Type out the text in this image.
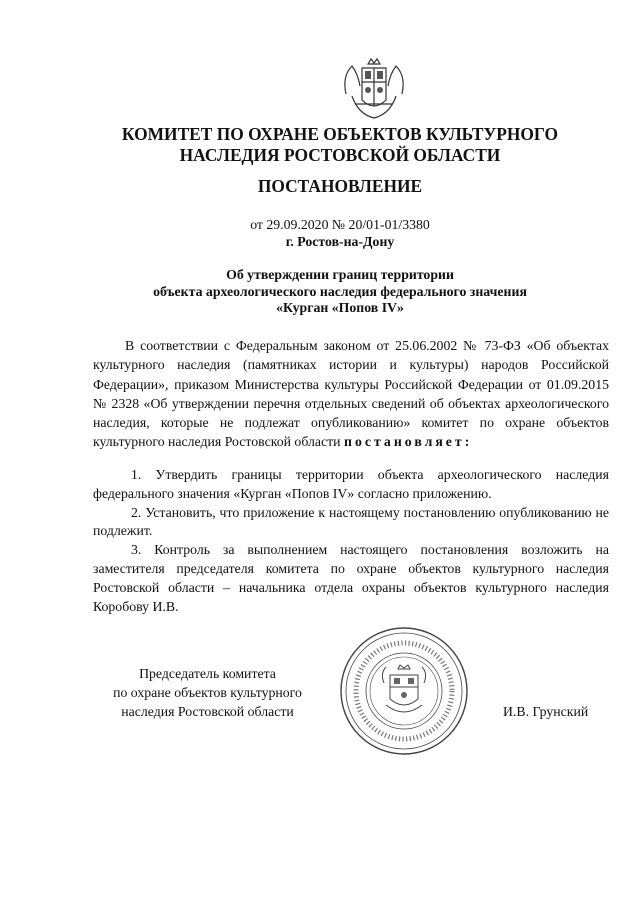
КОМИТЕТ ПО ОХРАНЕ ОБЪЕКТОВ КУЛЬТУРНОГО
НАСЛЕДИЯ РОСТОВСКОЙ ОБЛАСТИ
ПОСТАНОВЛЕНИЕ
от 29.09.2020 № 20/01-01/3380
г. Ростов-на-Дону
Об утверждении границ территории
объекта археологического наследия федерального значения
«Курган «Попов IV»

В соответствии с Федеральным законом от 25.06.2002 № 73-ФЗ «Об объектах культурного наследия (памятниках истории и культуры) народов Российской Федерации», приказом Министерства культуры Российской Федерации от 01.09.2015 № 2328 «Об утверждении перечня отдельных сведений об объектах археологического наследия, которые не подлежат опубликованию» комитет по охране объектов культурного наследия Ростовской области постановляет:

1. Утвердить границы территории объекта археологического наследия федерального значения «Курган «Попов IV» согласно приложению.

2. Установить, что приложение к настоящему постановлению опубликованию не подлежит.

3. Контроль за выполнением настоящего постановления возложить на заместителя председателя комитета по охране объектов культурного наследия Ростовской области – начальника отдела охраны объектов культурного наследия Коробову И.В.

Председатель комитета
по охране объектов культурного
наследия Ростовской области	И.В. Грунский
